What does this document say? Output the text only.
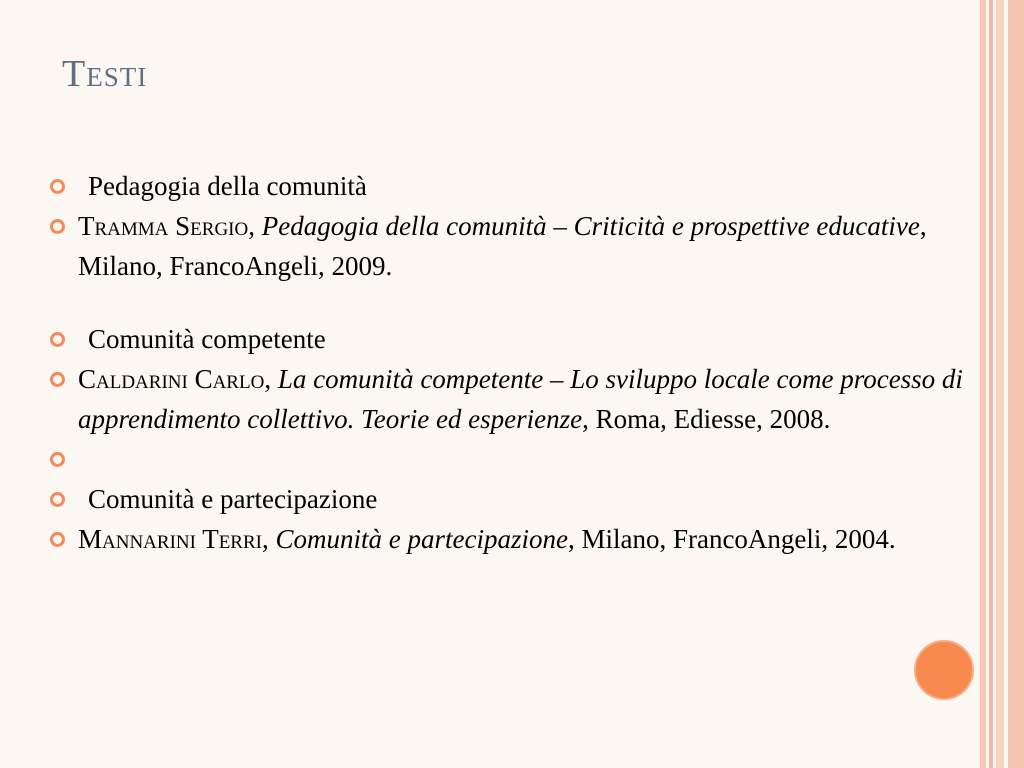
Testi
Pedagogia della comunità
Tramma Sergio, Pedagogia della comunità – Criticità e prospettive educative, Milano, FrancoAngeli, 2009.
Comunità competente
Caldarini Carlo, La comunità competente – Lo sviluppo locale come processo di apprendimento collettivo. Teorie ed esperienze, Roma, Ediesse, 2008.

Comunità e partecipazione
Mannarini Terri, Comunità e partecipazione, Milano, FrancoAngeli, 2004.
